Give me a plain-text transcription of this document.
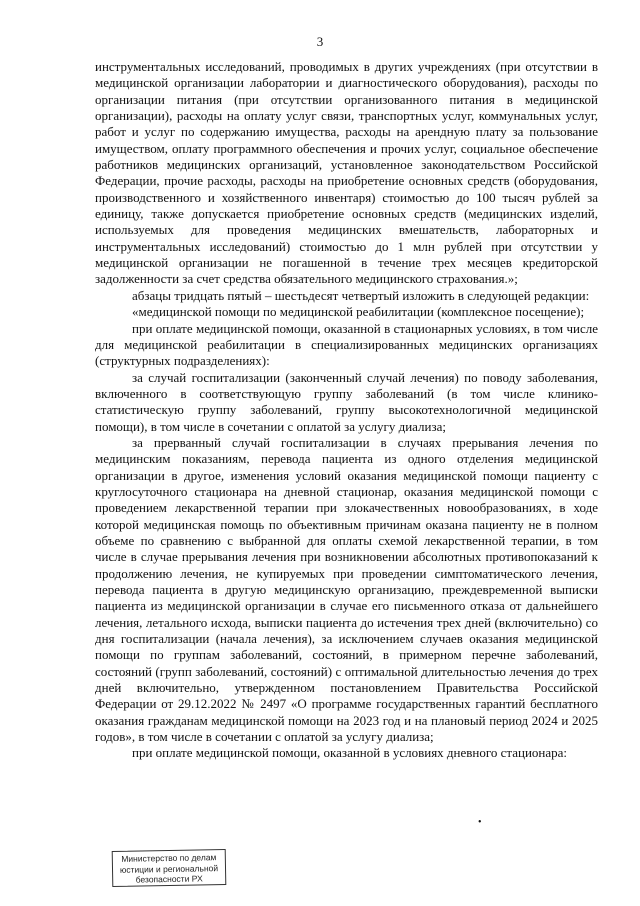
3

инструментальных исследований, проводимых в других учреждениях (при отсутствии в медицинской организации лаборатории и диагностического оборудования), расходы по организации питания (при отсутствии организованного питания в медицинской организации), расходы на оплату услуг связи, транспортных услуг, коммунальных услуг, работ и услуг по содержанию имущества, расходы на арендную плату за пользование имуществом, оплату программного обеспечения и прочих услуг, социальное обеспечение работников медицинских организаций, установленное законодательством Российской Федерации, прочие расходы, расходы на приобретение основных средств (оборудования, производственного и хозяйственного инвентаря) стоимостью до 100 тысяч рублей за единицу, также допускается приобретение основных средств (медицинских изделий, используемых для проведения медицинских вмешательств, лабораторных и инструментальных исследований) стоимостью до 1 млн рублей при отсутствии у медицинской организации не погашенной в течение трех месяцев кредиторской задолженности за счет средства обязательного медицинского страхования.»;

абзацы тридцать пятый – шестьдесят четвертый изложить в следующей редакции:

«медицинской помощи по медицинской реабилитации (комплексное посещение);

при оплате медицинской помощи, оказанной в стационарных условиях, в том числе для медицинской реабилитации в специализированных медицинских организациях (структурных подразделениях):

за случай госпитализации (законченный случай лечения) по поводу заболевания, включенного в соответствующую группу заболеваний (в том числе клинико-статистическую группу заболеваний, группу высокотехнологичной медицинской помощи), в том числе в сочетании с оплатой за услугу диализа;

за прерванный случай госпитализации в случаях прерывания лечения по медицинским показаниям, перевода пациента из одного отделения медицинской организации в другое, изменения условий оказания медицинской помощи пациенту с круглосуточного стационара на дневной стационар, оказания медицинской помощи с проведением лекарственной терапии при злокачественных новообразованиях, в ходе которой медицинская помощь по объективным причинам оказана пациенту не в полном объеме по сравнению с выбранной для оплаты схемой лекарственной терапии, в том числе в случае прерывания лечения при возникновении абсолютных противопоказаний к продолжению лечения, не купируемых при проведении симптоматического лечения, перевода пациента в другую медицинскую организацию, преждевременной выписки пациента из медицинской организации в случае его письменного отказа от дальнейшего лечения, летального исхода, выписки пациента до истечения трех дней (включительно) со дня госпитализации (начала лечения), за исключением случаев оказания медицинской помощи по группам заболеваний, состояний, в примерном перечне заболеваний, состояний (групп заболеваний, состояний) с оптимальной длительностью лечения до трех дней включительно, утвержденном постановлением Правительства Российской Федерации от 29.12.2022 № 2497 «О программе государственных гарантий бесплатного оказания гражданам медицинской помощи на 2023 год и на плановый период 2024 и 2025 годов», в том числе в сочетании с оплатой за услугу диализа;

при оплате медицинской помощи, оказанной в условиях дневного стационара:

•
Министерство по делам
юстиции и региональной
безопасности РХ
